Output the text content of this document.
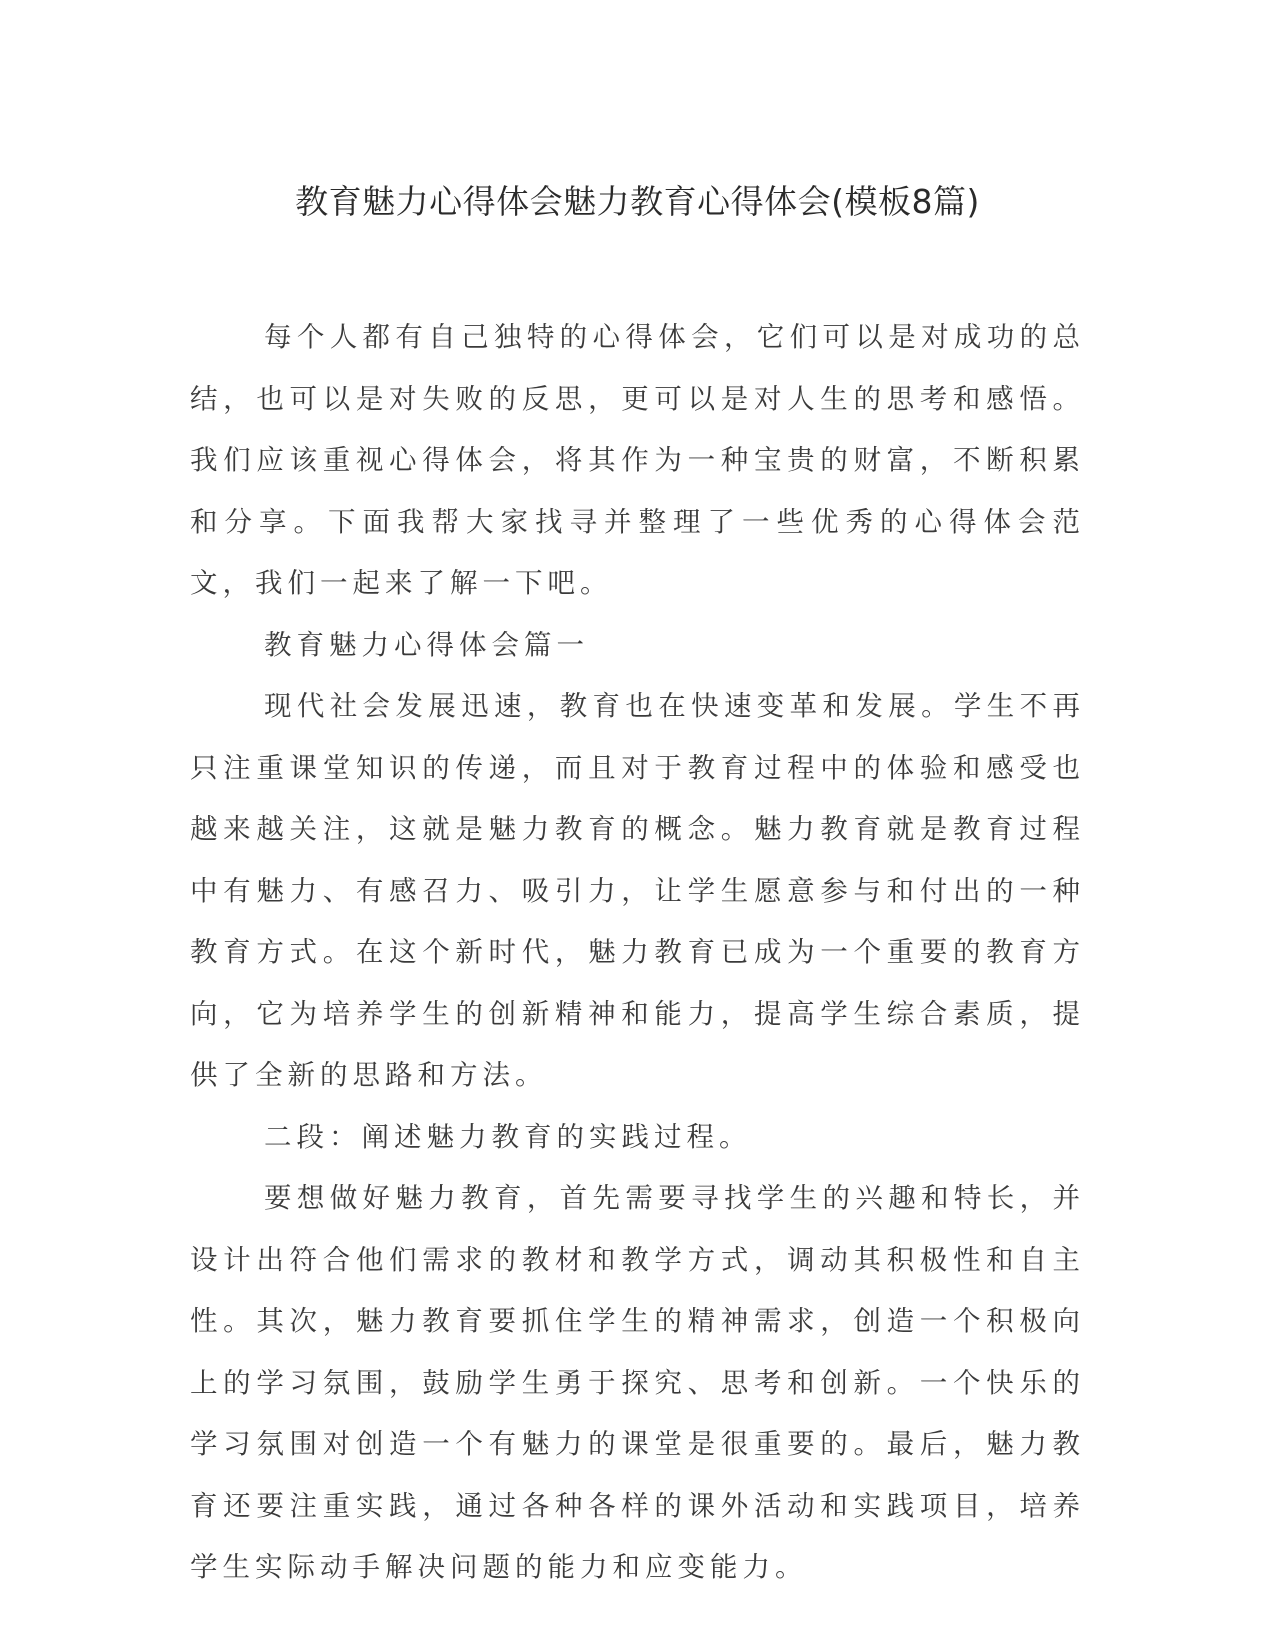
教育魅力心得体会魅力教育心得体会(模板8篇)

每个人都有自己独特的心得体会，它们可以是对成功的总结，也可以是对失败的反思，更可以是对人生的思考和感悟。我们应该重视心得体会，将其作为一种宝贵的财富，不断积累和分享。下面我帮大家找寻并整理了一些优秀的心得体会范文，我们一起来了解一下吧。

教育魅力心得体会篇一

现代社会发展迅速，教育也在快速变革和发展。学生不再只注重课堂知识的传递，而且对于教育过程中的体验和感受也越来越关注，这就是魅力教育的概念。魅力教育就是教育过程中有魅力、有感召力、吸引力，让学生愿意参与和付出的一种教育方式。在这个新时代，魅力教育已成为一个重要的教育方向，它为培养学生的创新精神和能力，提高学生综合素质，提供了全新的思路和方法。

二段：阐述魅力教育的实践过程。

要想做好魅力教育，首先需要寻找学生的兴趣和特长，并设计出符合他们需求的教材和教学方式，调动其积极性和自主性。其次，魅力教育要抓住学生的精神需求，创造一个积极向上的学习氛围，鼓励学生勇于探究、思考和创新。一个快乐的学习氛围对创造一个有魅力的课堂是很重要的。最后，魅力教育还要注重实践，通过各种各样的课外活动和实践项目，培养学生实际动手解决问题的能力和应变能力。
